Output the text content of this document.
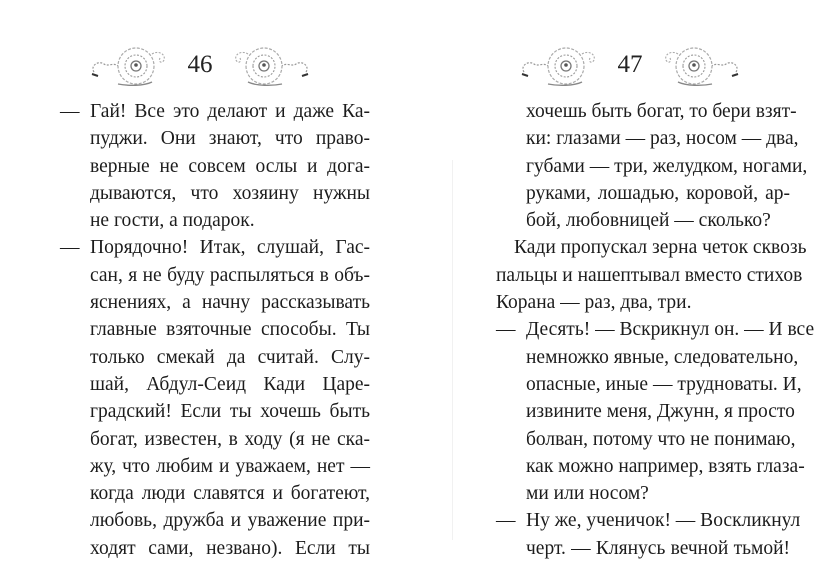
46
— Гай! Все это делают и даже Ка-
пуджи. Они знают, что право-
верные не совсем ослы и дога-
дываются, что хозяину нужны
не гости, а подарок.
— Порядочно! Итак, слушай, Гас-
сан, я не буду распыляться в объ-
яснениях, а начну рассказывать
главные взяточные способы. Ты
только смекай да считай. Слу-
шай, Абдул-Сеид Кади Царе-
градский! Если ты хочешь быть
богат, известен, в ходу (я не ска-
жу, что любим и уважаем, нет —
когда люди славятся и богатеют,
любовь, дружба и уважение при-
ходят сами, незвано). Если ты
47
хочешь быть богат, то бери взят-
ки: глазами — раз, носом — два,
губами — три, желудком, ногами,
руками, лошадью, коровой, ар-
бой, любовницей — сколько?
Кади пропускал зерна четок сквозь
пальцы и нашептывал вместо стихов
Корана — раз, два, три.
— Десять! — Вскрикнул он. — И все
немножко явные, следовательно,
опасные, иные — трудноваты. И,
извините меня, Джунн, я просто
болван, потому что не понимаю,
как можно например, взять глаза-
ми или носом?
— Ну же, ученичок! — Воскликнул
черт. — Клянусь вечной тьмой!
